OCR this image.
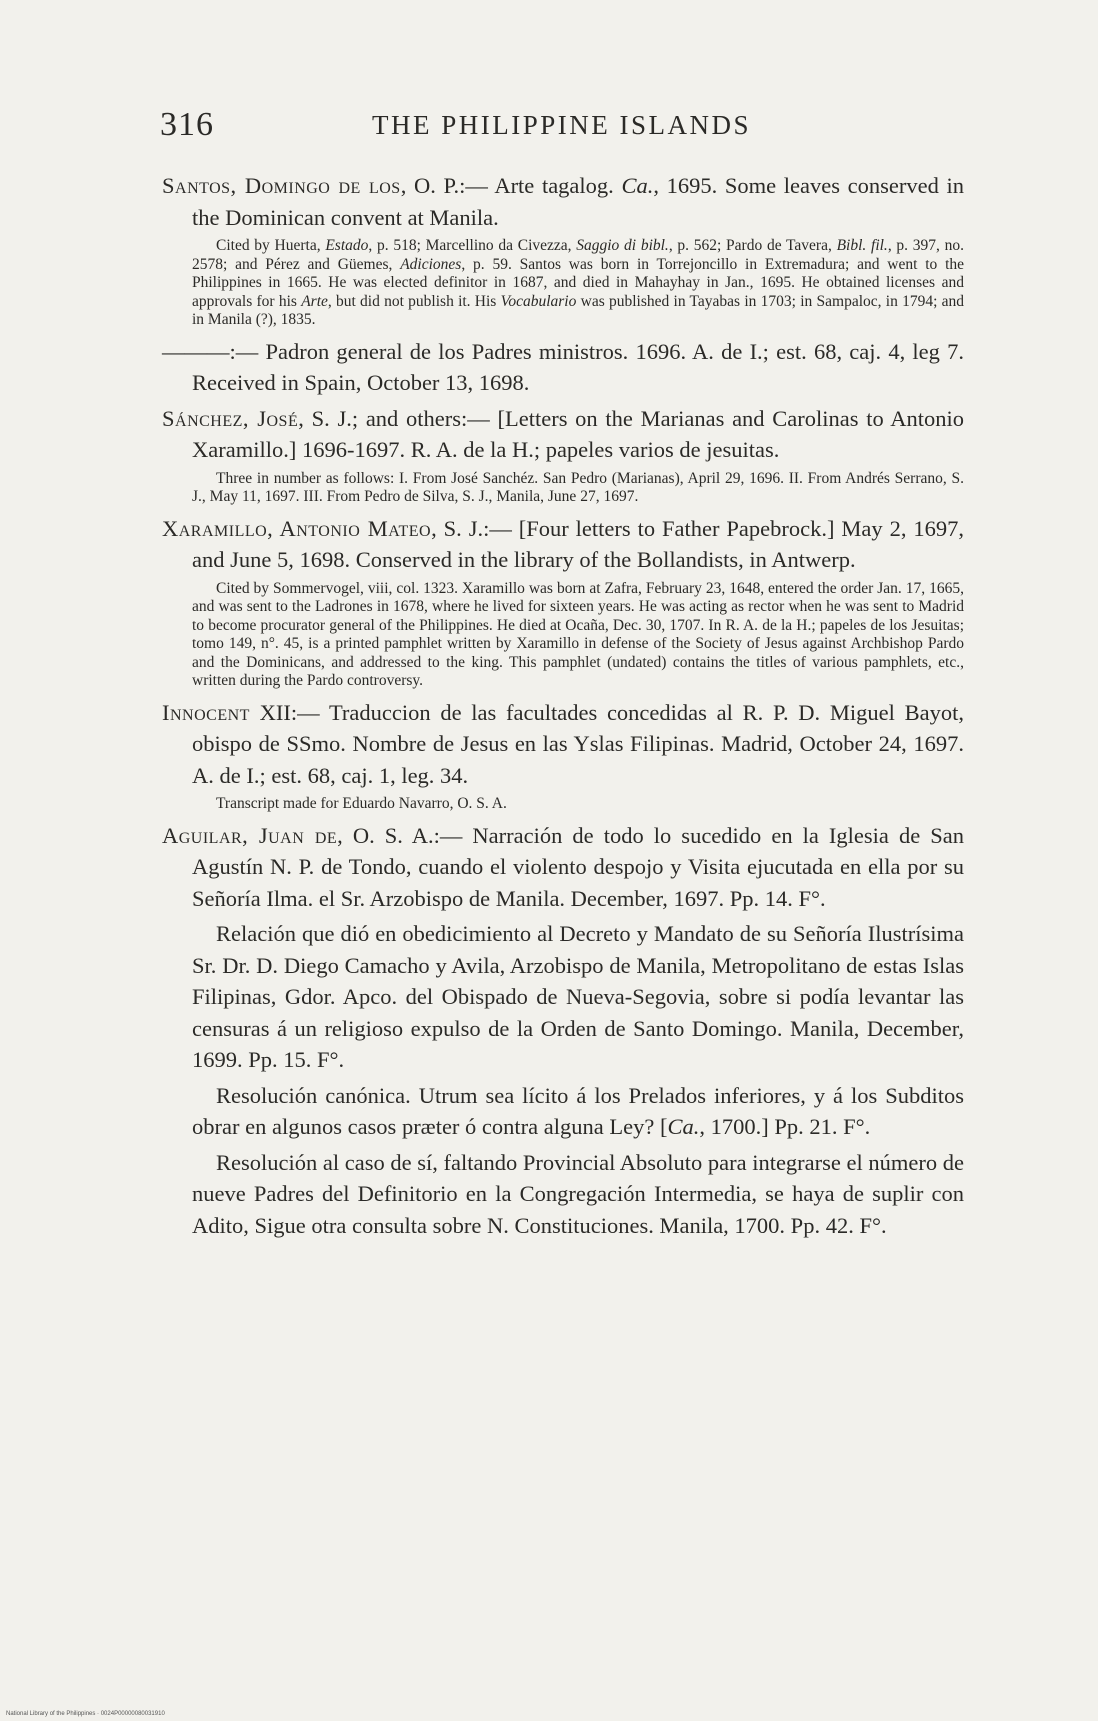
316	THE PHILIPPINE ISLANDS

Santos, Domingo de los, O. P.:— Arte tagalog. Ca., 1695. Some leaves conserved in the Dominican convent at Manila.

Cited by Huerta, Estado, p. 518; Marcellino da Civezza, Saggio di bibl., p. 562; Pardo de Tavera, Bibl. fil., p. 397, no. 2578; and Pérez and Güemes, Adiciones, p. 59. Santos was born in Torrejoncillo in Extremadura; and went to the Philippines in 1665. He was elected definitor in 1687, and died in Mahayhay in Jan., 1695. He obtained licenses and approvals for his Arte, but did not publish it. His Vocabulario was published in Tayabas in 1703; in Sampaloc, in 1794; and in Manila (?), 1835.

———:— Padron general de los Padres ministros. 1696. A. de I.; est. 68, caj. 4, leg 7. Received in Spain, October 13, 1698.

Sánchez, José, S. J.; and others:— [Letters on the Marianas and Carolinas to Antonio Xaramillo.] 1696-1697. R. A. de la H.; papeles varios de jesuitas.

Three in number as follows: I. From José Sanchéz. San Pedro (Marianas), April 29, 1696. II. From Andrés Serrano, S. J., May 11, 1697. III. From Pedro de Silva, S. J., Manila, June 27, 1697.

Xaramillo, Antonio Mateo, S. J.:— [Four letters to Father Papebrock.] May 2, 1697, and June 5, 1698. Conserved in the library of the Bollandists, in Antwerp.

Cited by Sommervogel, viii, col. 1323. Xaramillo was born at Zafra, February 23, 1648, entered the order Jan. 17, 1665, and was sent to the Ladrones in 1678, where he lived for sixteen years. He was acting as rector when he was sent to Madrid to become procurator general of the Philippines. He died at Ocaña, Dec. 30, 1707. In R. A. de la H.; papeles de los Jesuitas; tomo 149, n°. 45, is a printed pamphlet written by Xaramillo in defense of the Society of Jesus against Archbishop Pardo and the Dominicans, and addressed to the king. This pamphlet (undated) contains the titles of various pamphlets, etc., written during the Pardo controversy.

Innocent XII:— Traduccion de las facultades concedidas al R. P. D. Miguel Bayot, obispo de SSmo. Nombre de Jesus en las Yslas Filipinas. Madrid, October 24, 1697. A. de I.; est. 68, caj. 1, leg. 34.

Transcript made for Eduardo Navarro, O. S. A.

Aguilar, Juan de, O. S. A.:— Narración de todo lo sucedido en la Iglesia de San Agustín N. P. de Tondo, cuando el violento despojo y Visita ejucutada en ella por su Señoría Ilma. el Sr. Arzobispo de Manila. December, 1697. Pp. 14. F°.

Relación que dió en obedicimiento al Decreto y Mandato de su Señoría Ilustrísima Sr. Dr. D. Diego Camacho y Avila, Arzobispo de Manila, Metropolitano de estas Islas Filipinas, Gdor. Apco. del Obispado de Nueva-Segovia, sobre si podía levantar las censuras á un religioso expulso de la Orden de Santo Domingo. Manila, December, 1699. Pp. 15. F°.

Resolución canónica. Utrum sea lícito á los Prelados inferiores, y á los Subditos obrar en algunos casos præter ó contra alguna Ley? [Ca., 1700.] Pp. 21. F°.

Resolución al caso de sí, faltando Provincial Absoluto para integrarse el número de nueve Padres del Definitorio en la Congregación Intermedia, se haya de suplir con Adito, Sigue otra consulta sobre N. Constituciones. Manila, 1700. Pp. 42. F°.

National Library of the Philippines · 0024P00000080031910
